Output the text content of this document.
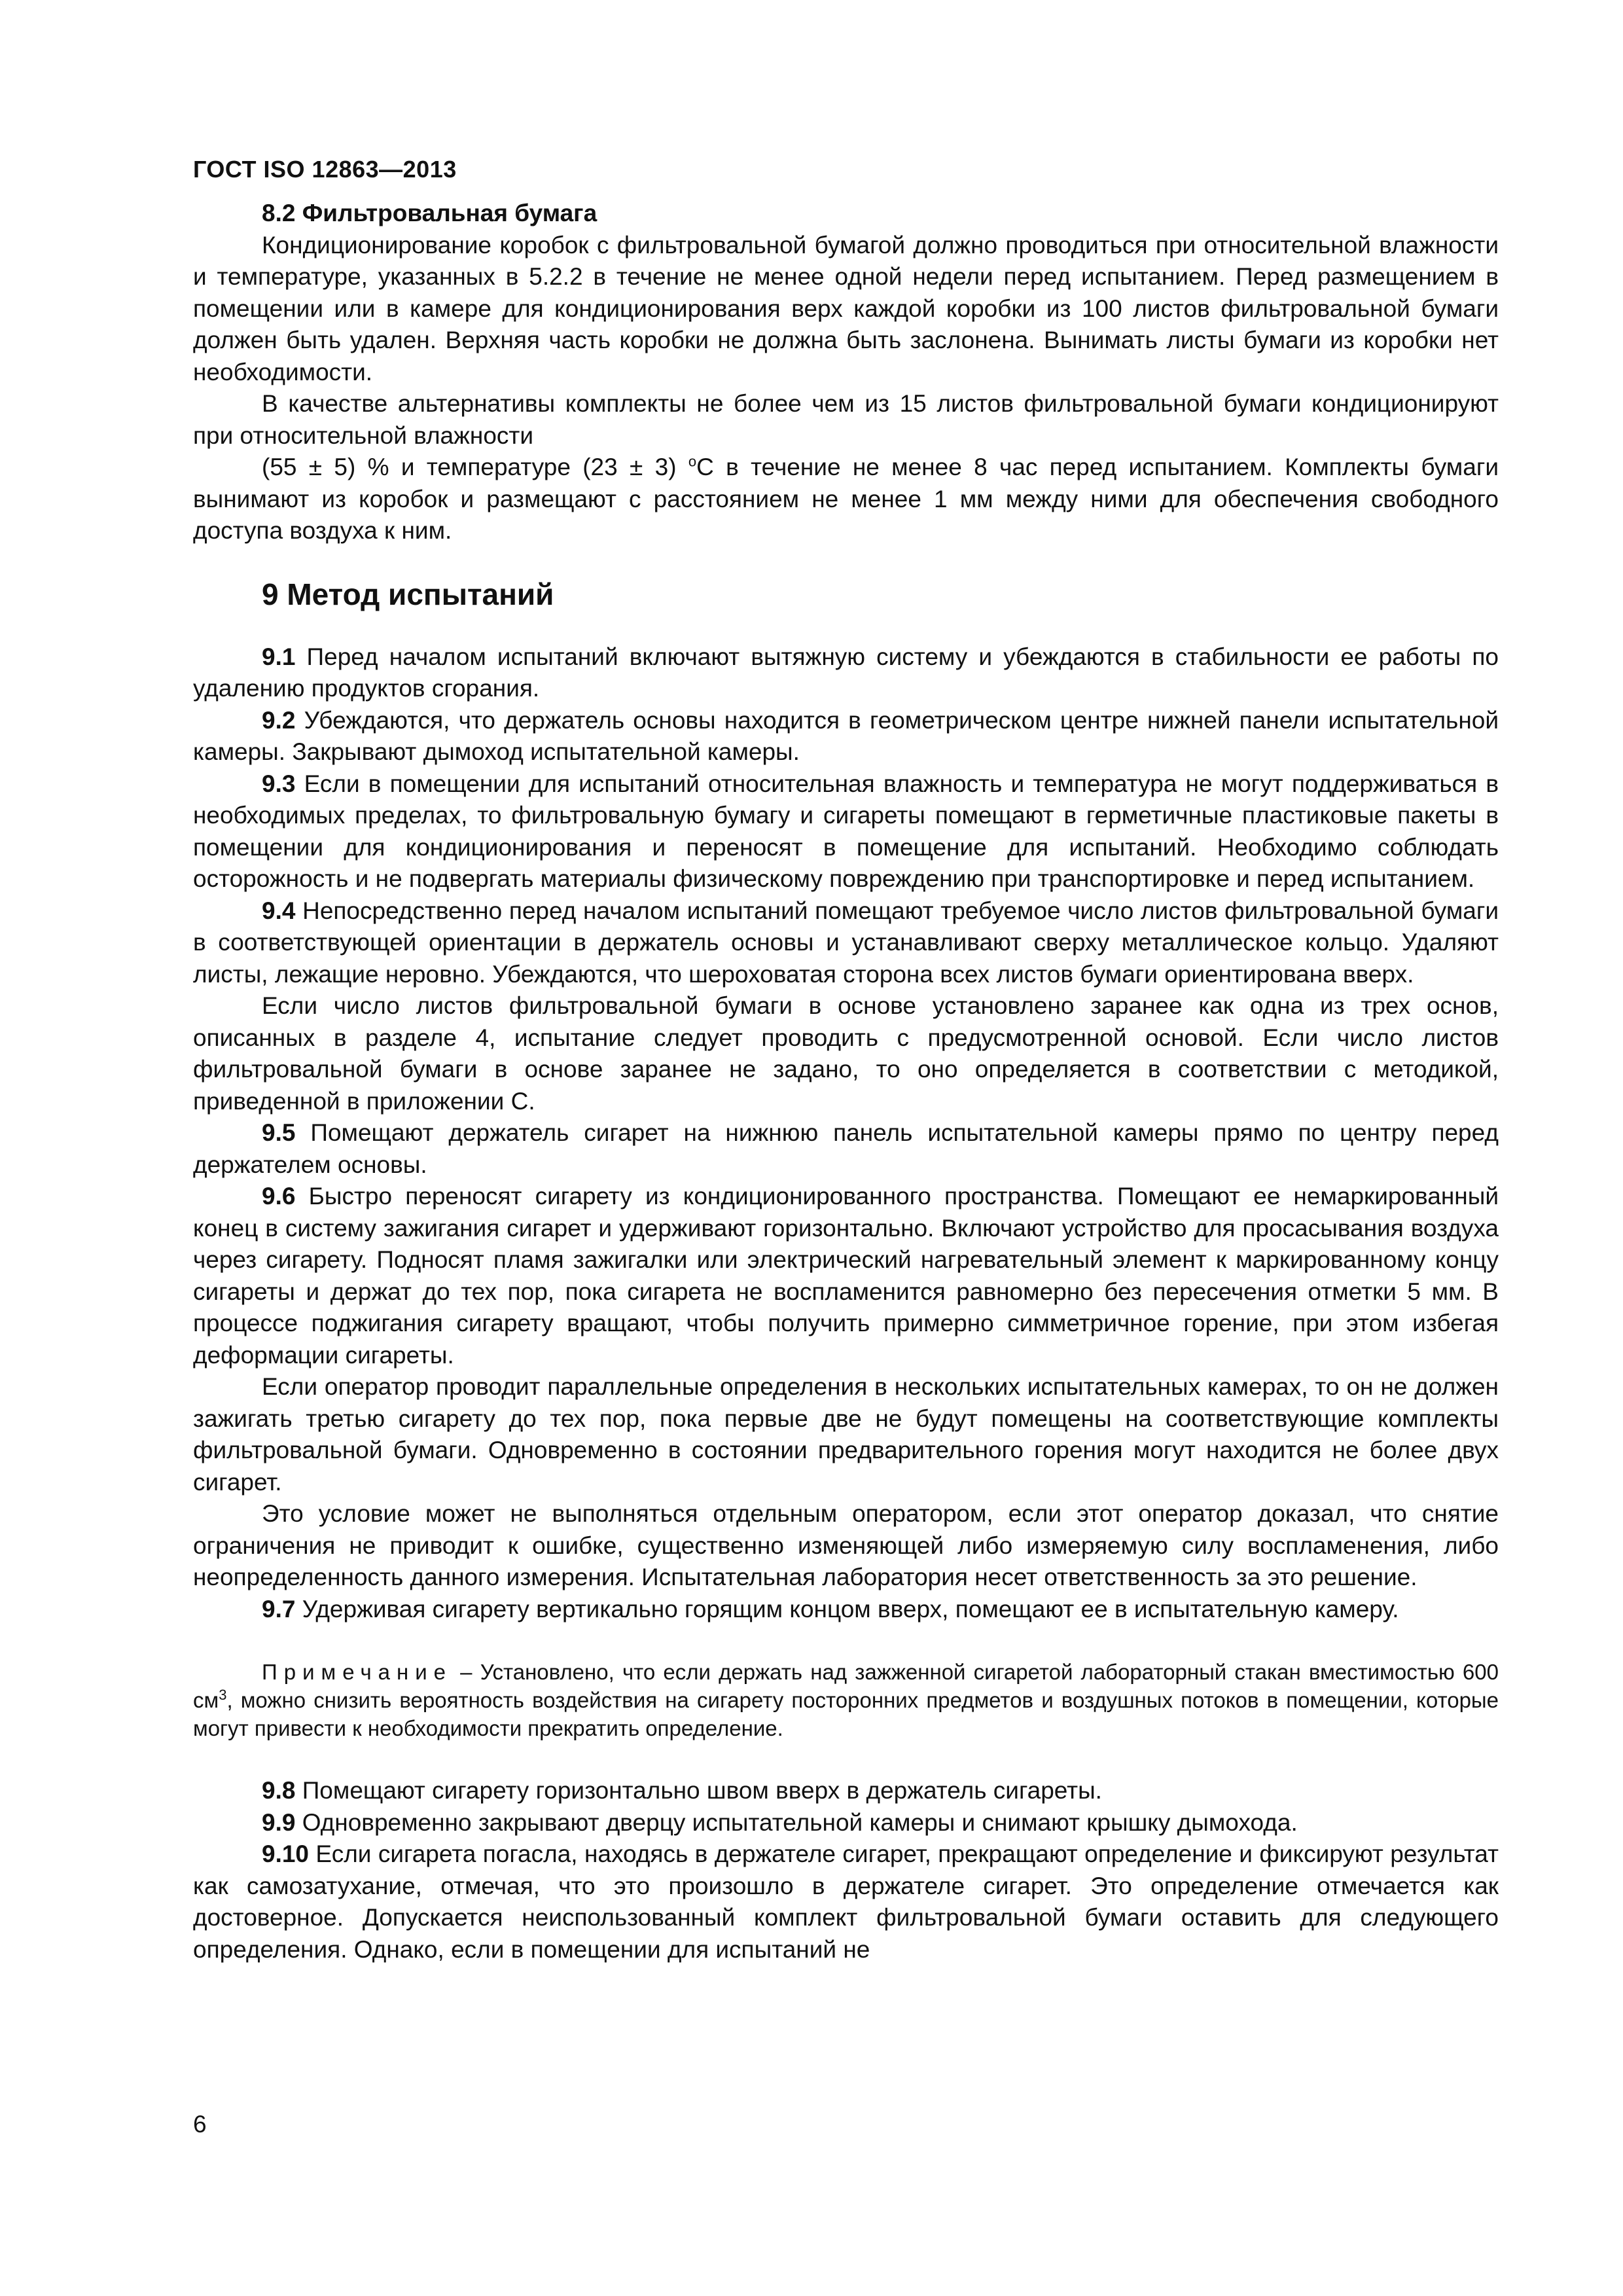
ГОСТ ISO 12863—2013

8.2 Фильтровальная бумага

Кондиционирование коробок с фильтровальной бумагой должно проводиться при относительной влажности и температуре, указанных в 5.2.2 в течение не менее одной недели перед испытанием. Перед размещением в помещении или в камере для кондиционирования верх каждой коробки из 100 листов фильтровальной бумаги должен быть удален. Верхняя часть коробки не должна быть заслонена. Вынимать листы бумаги из коробки нет необходимости.

В качестве альтернативы комплекты не более чем из 15 листов фильтровальной бумаги кондиционируют при относительной влажности

(55 ± 5) % и температуре (23 ± 3) $^o$С в течение не менее 8 час перед испытанием. Комплекты бумаги вынимают из коробок и размещают с расстоянием не менее 1 мм между ними для обеспечения свободного доступа воздуха к ним.

9 Метод испытаний

9.1 Перед началом испытаний включают вытяжную систему и убеждаются в стабильности ее работы по удалению продуктов сгорания.

9.2 Убеждаются, что держатель основы находится в геометрическом центре нижней панели испытательной камеры. Закрывают дымоход испытательной камеры.

9.3 Если в помещении для испытаний относительная влажность и температура не могут поддерживаться в необходимых пределах, то фильтровальную бумагу и сигареты помещают в герметичные пластиковые пакеты в помещении для кондиционирования и переносят в помещение для испытаний. Необходимо соблюдать осторожность и не подвергать материалы физическому повреждению при транспортировке и перед испытанием.

9.4 Непосредственно перед началом испытаний помещают требуемое число листов фильтровальной бумаги в соответствующей ориентации в держатель основы и устанавливают сверху металлическое кольцо. Удаляют листы, лежащие неровно. Убеждаются, что шероховатая сторона всех листов бумаги ориентирована вверх.

Если число листов фильтровальной бумаги в основе установлено заранее как одна из трех основ, описанных в разделе 4, испытание следует проводить с предусмотренной основой. Если число листов фильтровальной бумаги в основе заранее не задано, то оно определяется в соответствии с методикой, приведенной в приложении С.

9.5 Помещают держатель сигарет на нижнюю панель испытательной камеры прямо по центру перед держателем основы.

9.6 Быстро переносят сигарету из кондиционированного пространства. Помещают ее немаркированный конец в систему зажигания сигарет и удерживают горизонтально. Включают устройство для просасывания воздуха через сигарету. Подносят пламя зажигалки или электрический нагревательный элемент к маркированному концу сигареты и держат до тех пор, пока сигарета не воспламенится равномерно без пересечения отметки 5 мм. В процессе поджигания сигарету вращают, чтобы получить примерно симметричное горение, при этом избегая деформации сигареты.

Если оператор проводит параллельные определения в нескольких испытательных камерах, то он не должен зажигать третью сигарету до тех пор, пока первые две не будут помещены на соответствующие комплекты фильтровальной бумаги. Одновременно в состоянии предварительного горения могут находится не более двух сигарет.

Это условие может не выполняться отдельным оператором, если этот оператор доказал, что снятие ограничения не приводит к ошибке, существенно изменяющей либо измеряемую силу воспламенения, либо неопределенность данного измерения. Испытательная лаборатория несет ответственность за это решение.

9.7 Удерживая сигарету вертикально горящим концом вверх, помещают ее в испытательную камеру.

Примечание – Установлено, что если держать над зажженной сигаретой лабораторный стакан вместимостью 600 $см^3$, можно снизить вероятность воздействия на сигарету посторонних предметов и воздушных потоков в помещении, которые могут привести к необходимости прекратить определение.

9.8 Помещают сигарету горизонтально швом вверх в держатель сигареты.

9.9 Одновременно закрывают дверцу испытательной камеры и снимают крышку дымохода.

9.10 Если сигарета погасла, находясь в держателе сигарет, прекращают определение и фиксируют результат как самозатухание, отмечая, что это произошло в держателе сигарет. Это определение отмечается как достоверное. Допускается неиспользованный комплект фильтровальной бумаги оставить для следующего определения. Однако, если в помещении для испытаний не

6
